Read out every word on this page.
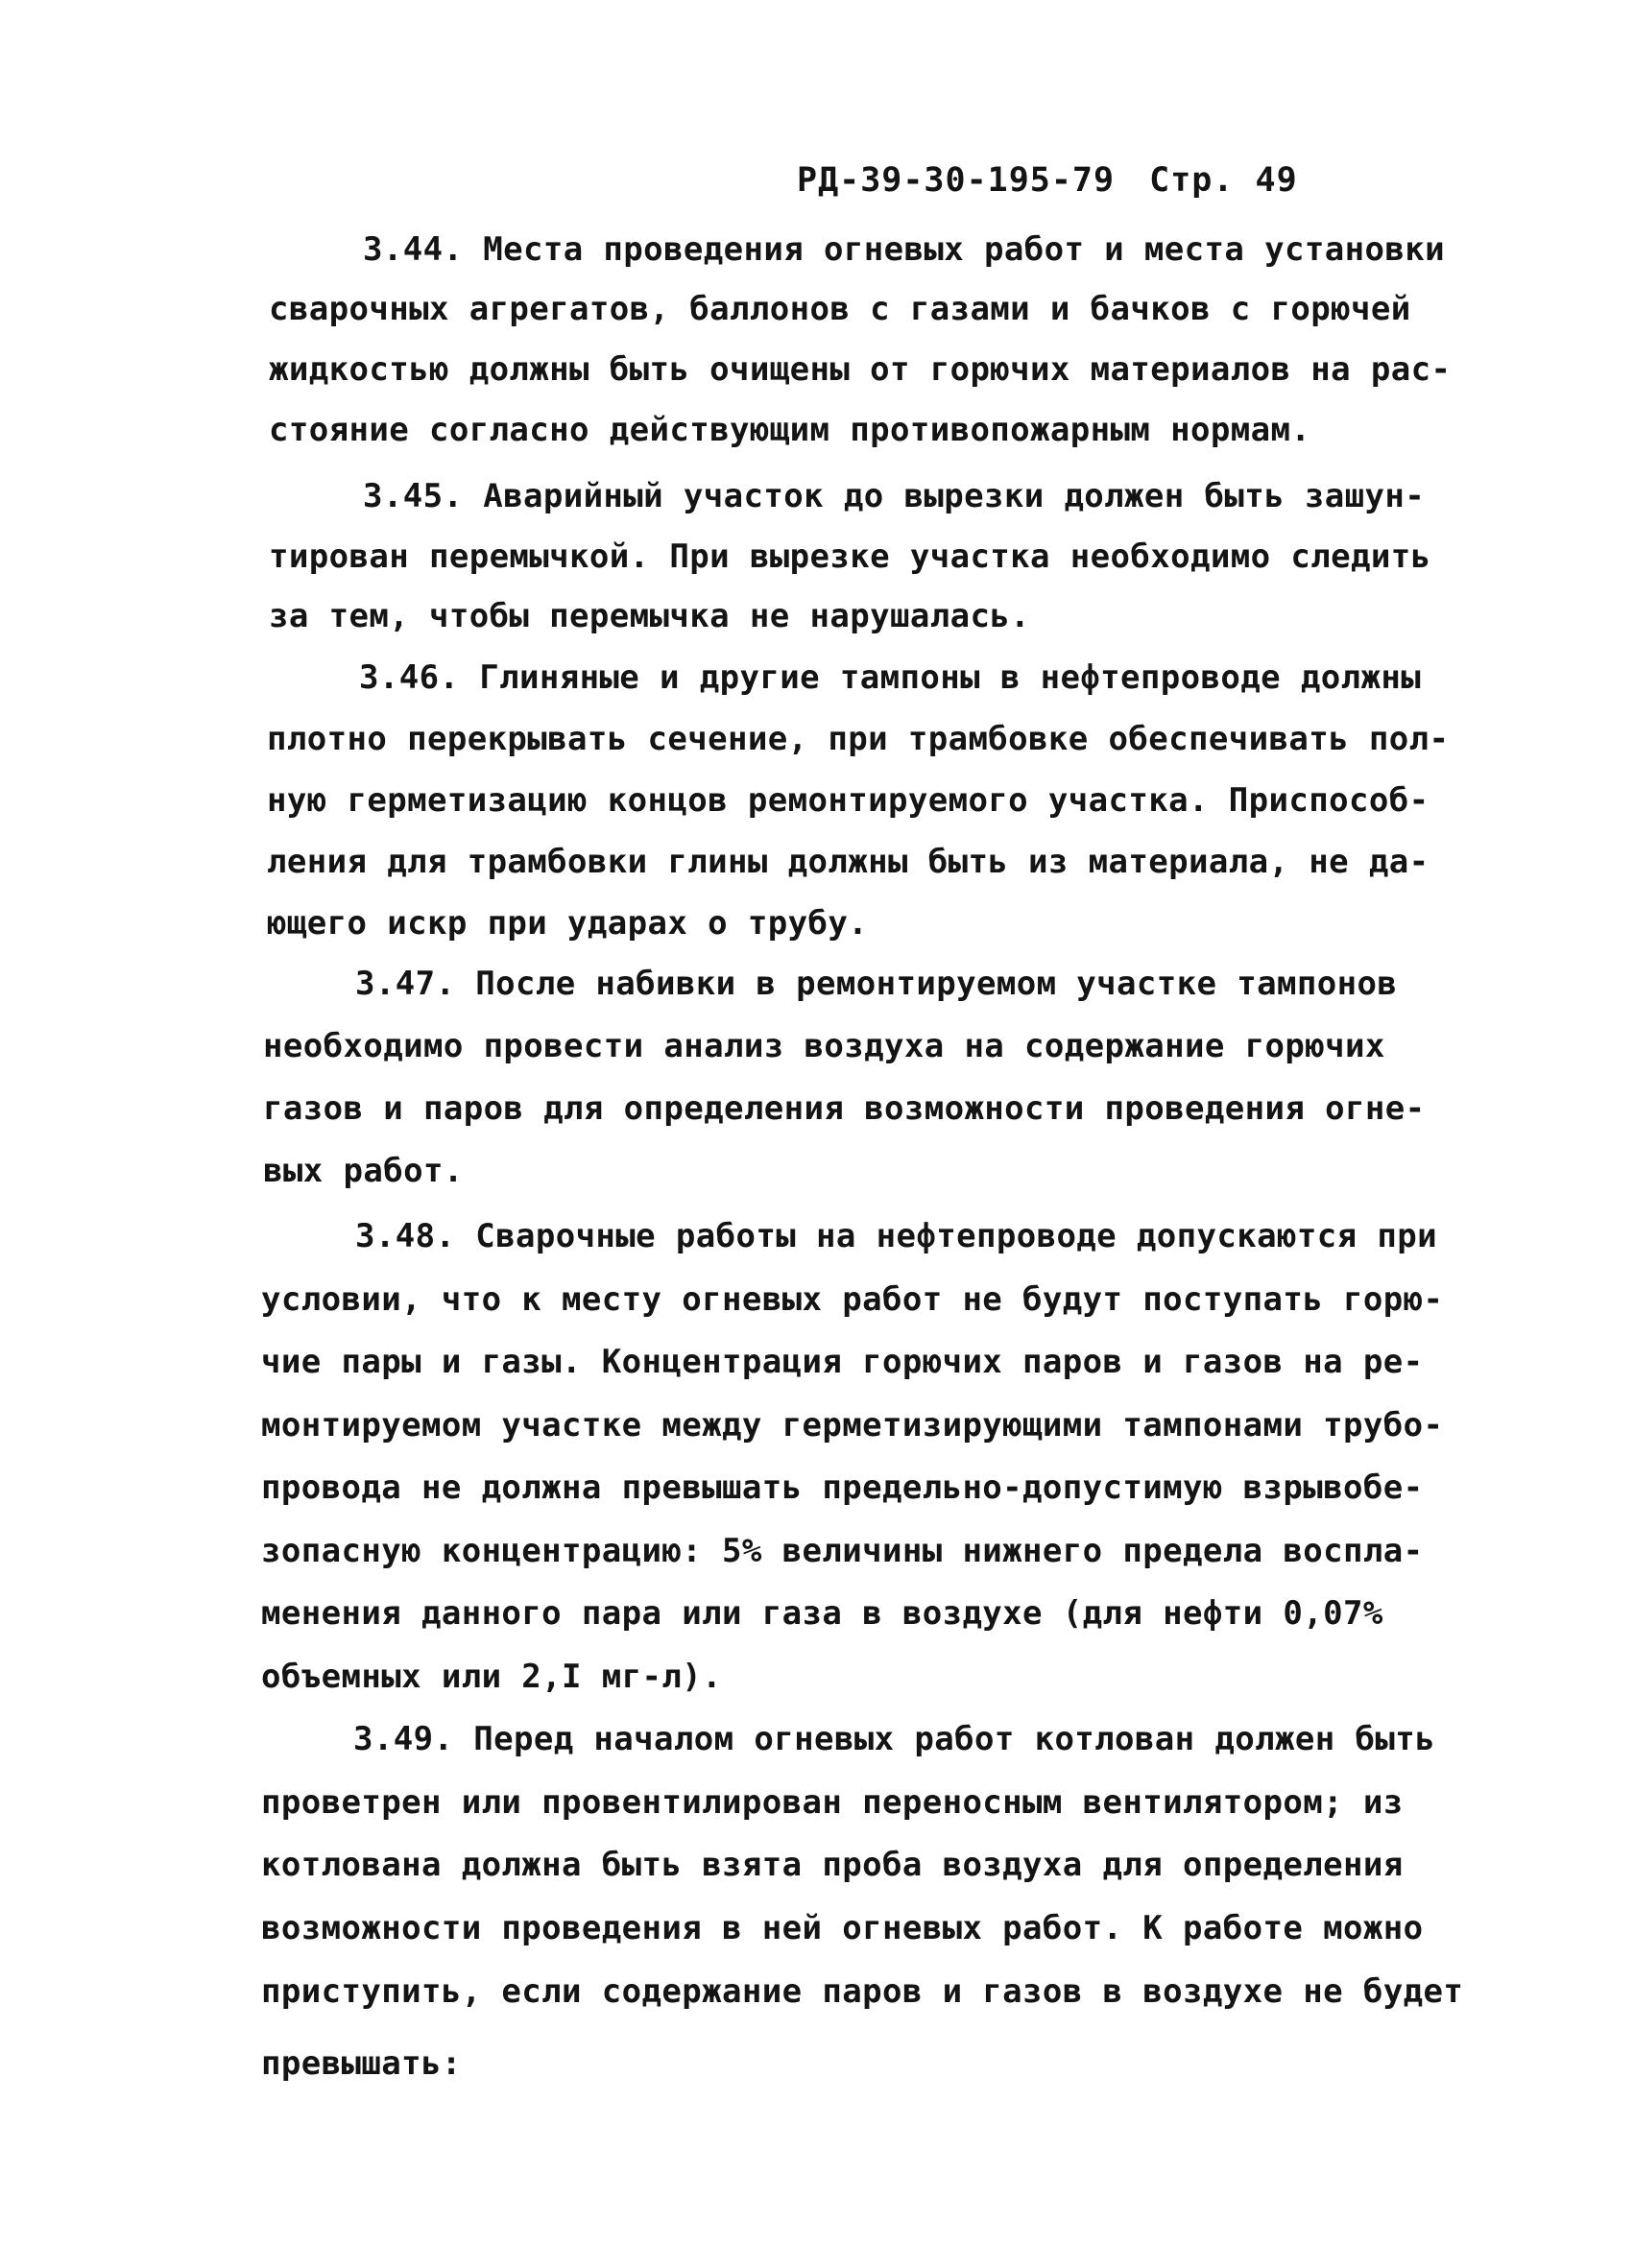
РД-39-30-195-79 Стр. 49
3.44. Места проведения огневых работ и места установки
сварочных агрегатов, баллонов с газами и бачков с горючей
жидкостью должны быть очищены от горючих материалов на рас-
стояние согласно действующим противопожарным нормам.
3.45. Аварийный участок до вырезки должен быть зашун-
тирован перемычкой. При вырезке участка необходимо следить
за тем, чтобы перемычка не нарушалась.
3.46. Глиняные и другие тампоны в нефтепроводе должны
плотно перекрывать сечение, при трамбовке обеспечивать пол-
ную герметизацию концов ремонтируемого участка. Приспособ-
ления для трамбовки глины должны быть из материала, не да-
ющего искр при ударах о трубу.
3.47. После набивки в ремонтируемом участке тампонов
необходимо провести анализ воздуха на содержание горючих
газов и паров для определения возможности проведения огне-
вых работ.
3.48. Сварочные работы на нефтепроводе допускаются при
условии, что к месту огневых работ не будут поступать горю-
чие пары и газы. Концентрация горючих паров и газов на ре-
монтируемом участке между герметизирующими тампонами трубо-
провода не должна превышать предельно-допустимую взрывобе-
зопасную концентрацию: 5% величины нижнего предела воспла-
менения данного пара или газа в воздухе (для нефти 0,07%
объемных или 2,I мг-л).
3.49. Перед началом огневых работ котлован должен быть
проветрен или провентилирован переносным вентилятором; из
котлована должна быть взята проба воздуха для определения
возможности проведения в ней огневых работ. К работе можно
приступить, если содержание паров и газов в воздухе не будет
превышать:
